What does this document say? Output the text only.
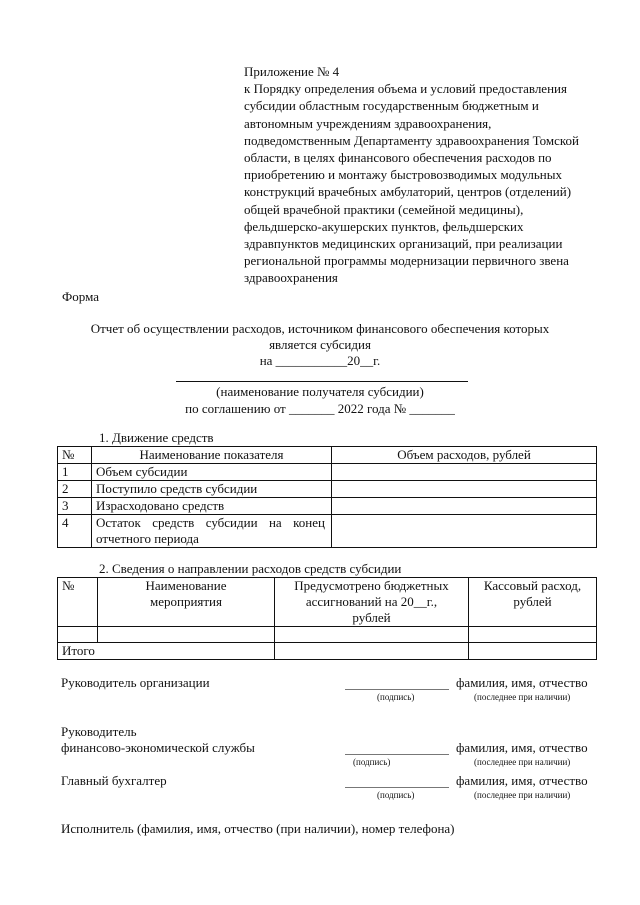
Приложение № 4
к Порядку определения объема и условий предоставления
субсидии областным государственным бюджетным и
автономным учреждениям здравоохранения,
подведомственным Департаменту здравоохранения Томской
области, в целях финансового обеспечения расходов по
приобретению и монтажу быстровозводимых модульных
конструкций врачебных амбулаторий, центров (отделений)
общей врачебной практики (семейной медицины),
фельдшерско-акушерских пунктов, фельдшерских
здравпунктов медицинских организаций, при реализации
региональной программы модернизации первичного звена
здравоохранения
Форма
Отчет об осуществлении расходов, источником финансового обеспечения которых
является субсидия
на ___________20__г.
(наименование получателя субсидии)
по соглашению от _______ 2022 года № _______
1. Движение средств
№	Наименование показателя	Объем расходов, рублей
1	Объем субсидии	
2	Поступило средств субсидии	
3	Израсходовано средств	
4	Остаток средств субсидии на конец отчетного периода	
2. Сведения о направлении расходов средств субсидии
№	Наименование мероприятия	Предусмотрено бюджетных ассигнований на 20__г., рублей	Кассовый расход, рублей

Итого			
Руководитель организации
(подпись)
фамилия, имя, отчество
(последнее при наличии)
Руководитель
финансово-экономической службы
(подпись)
фамилия, имя, отчество
(последнее при наличии)
Главный бухгалтер
(подпись)
фамилия, имя, отчество
(последнее при наличии)
Исполнитель (фамилия, имя, отчество (при наличии), номер телефона)
